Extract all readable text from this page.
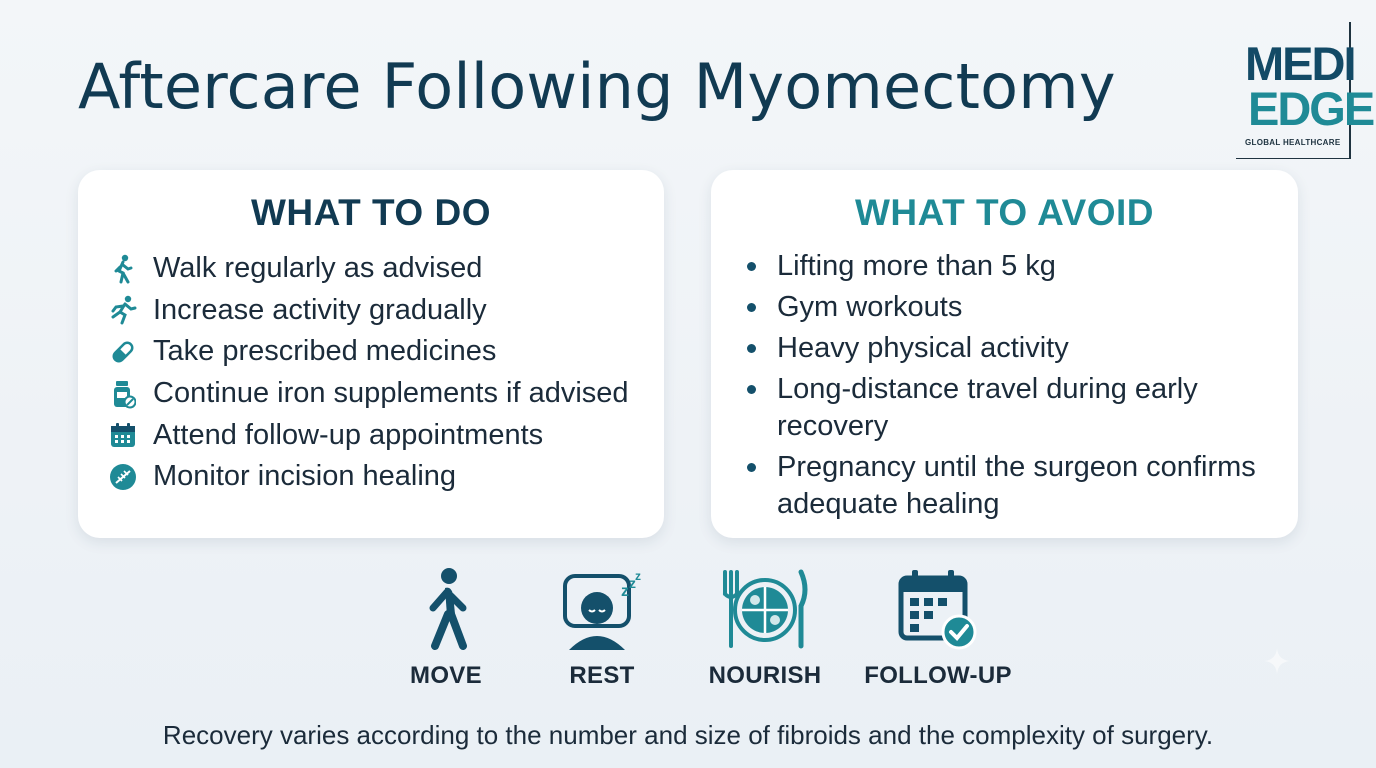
Aftercare Following Myomectomy	MEDI
EDGE
GLOBAL HEALTHCARE
WHAT TO DO
Walk regularly as advised
Increase activity gradually
Take prescribed medicines
Continue iron supplements if advised
Attend follow-up appointments
Monitor incision healing
WHAT TO AVOID
Lifting more than 5 kg
Gym workouts
Heavy physical activity
Long-distance travel during early recovery
Pregnancy until the surgeon confirms adequate healing
MOVE
z z z
REST	NOURISH	FOLLOW-UP
Recovery varies according to the number and size of fibroids and the complexity of surgery.
